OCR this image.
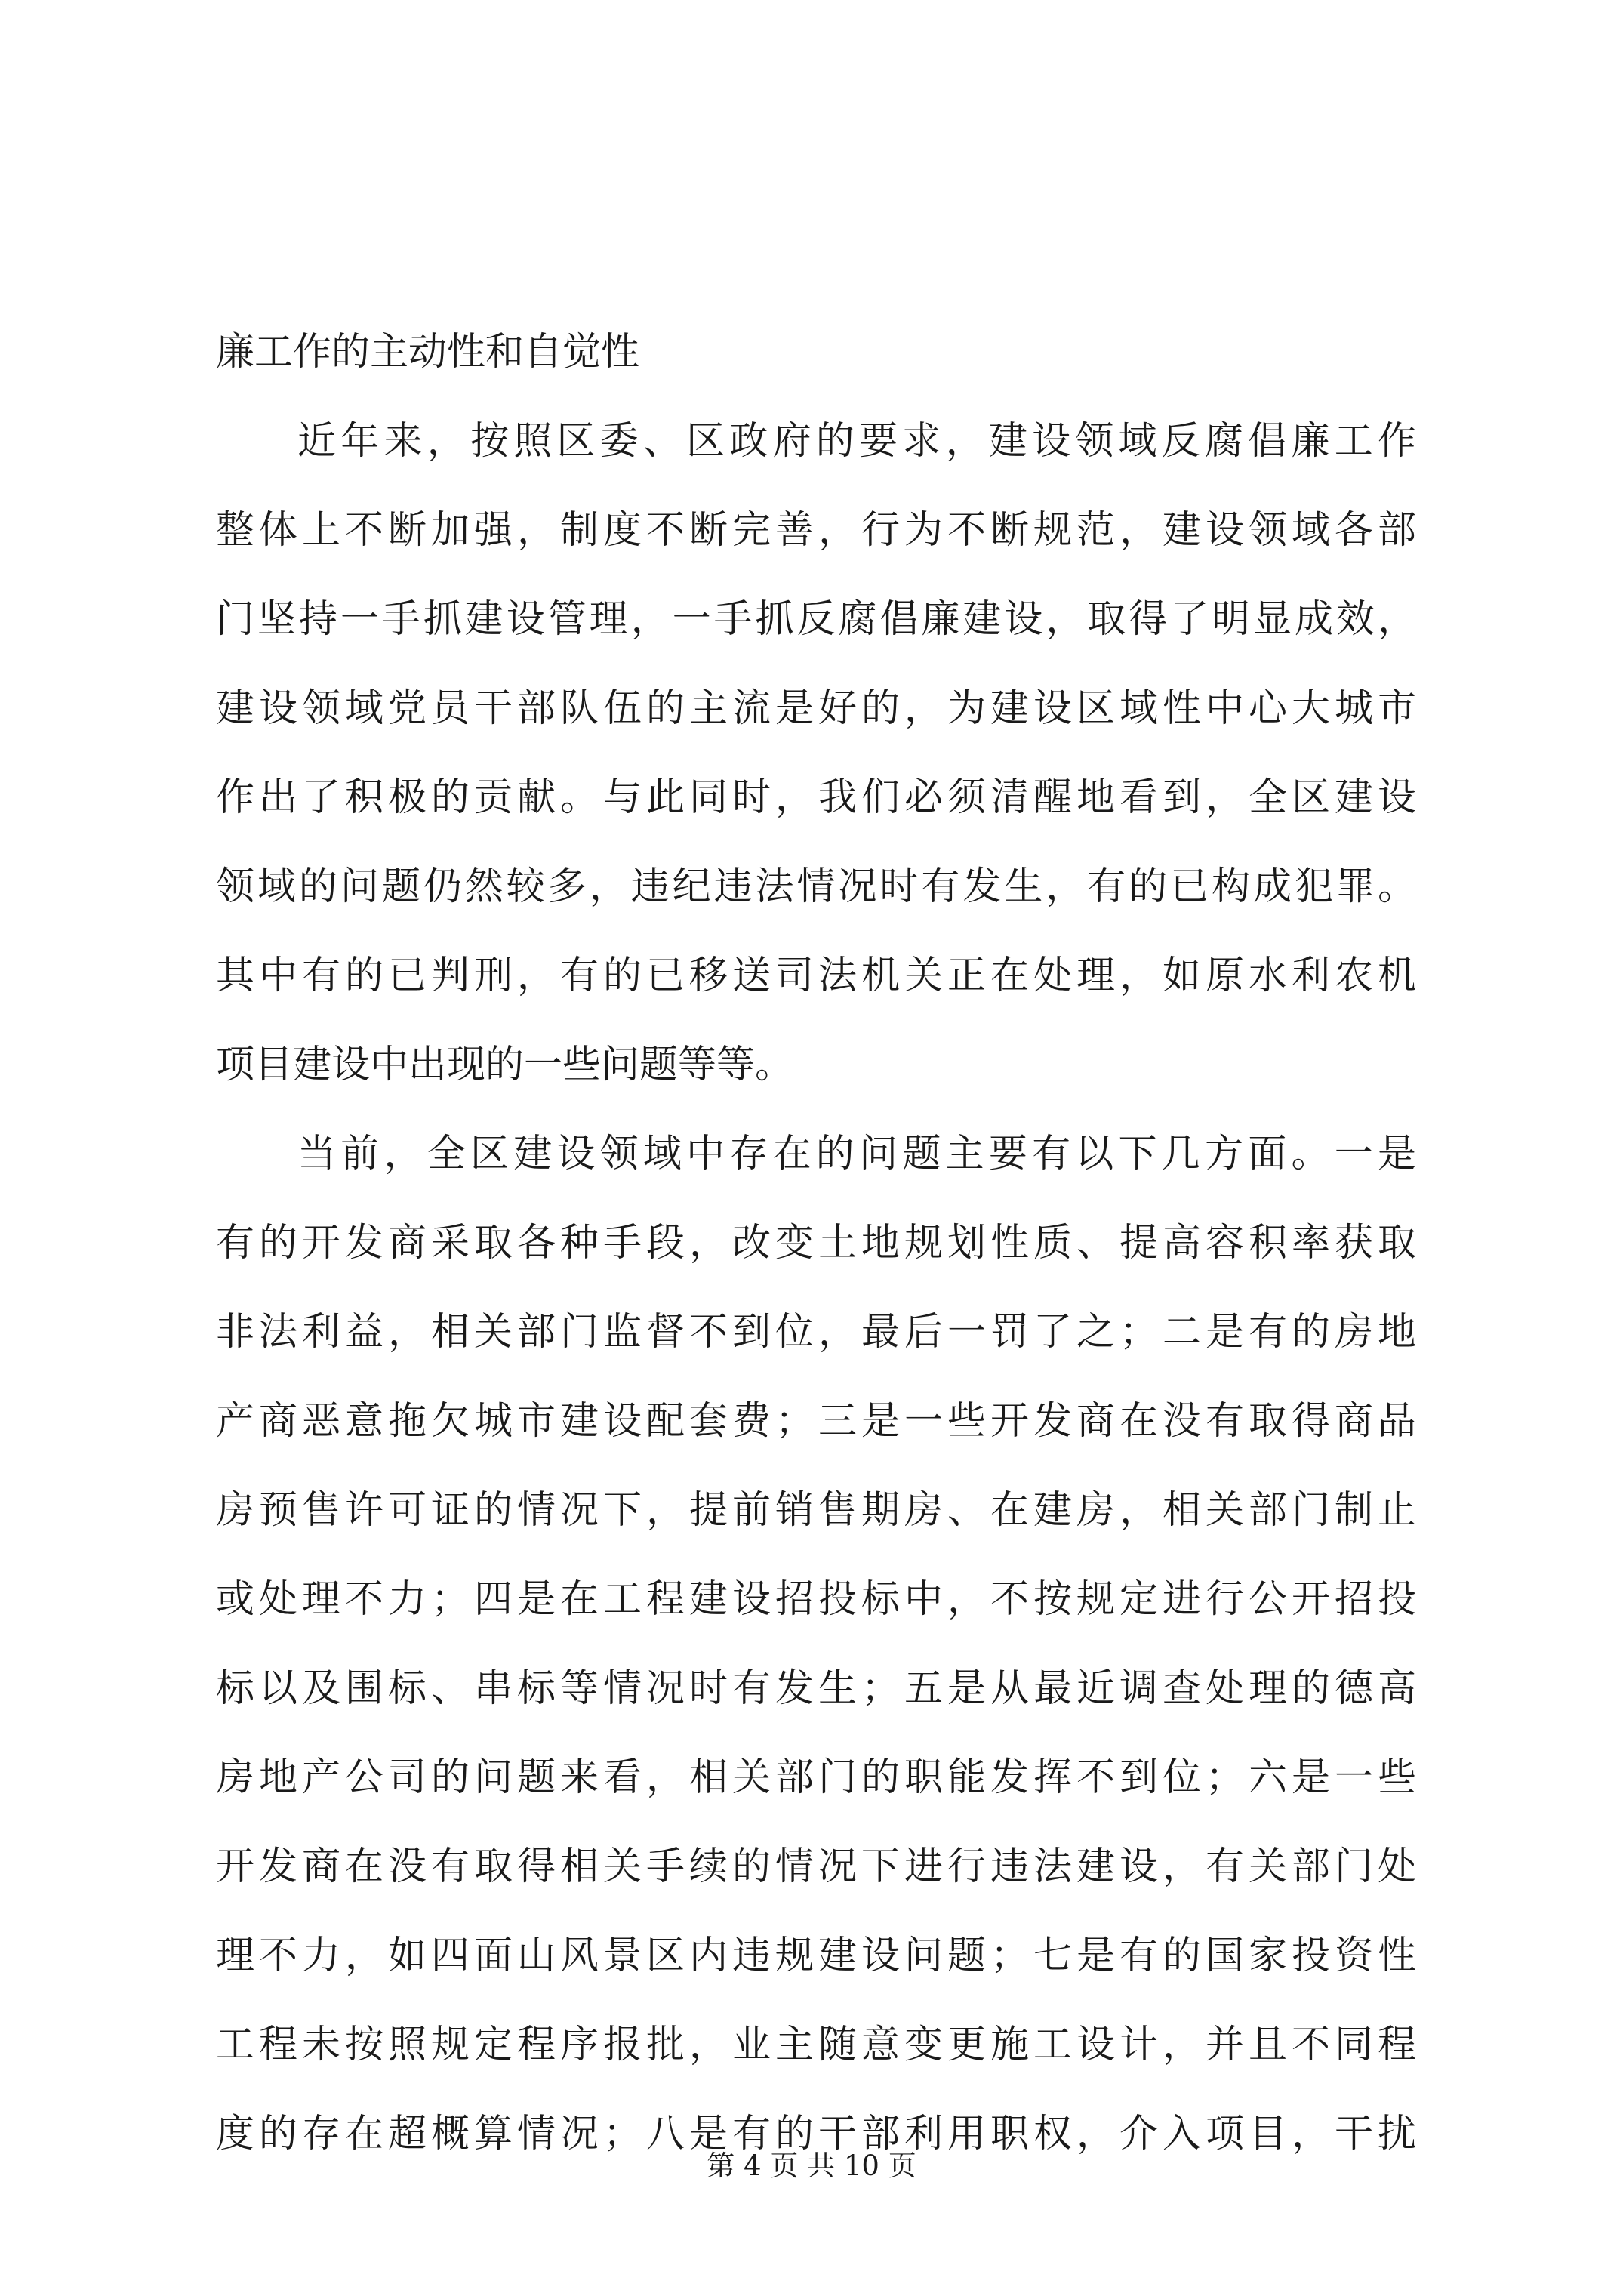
廉工作的主动性和自觉性
近年来，按照区委、区政府的要求，建设领域反腐倡廉工作
整体上不断加强，制度不断完善，行为不断规范，建设领域各部
门坚持一手抓建设管理，一手抓反腐倡廉建设，取得了明显成效，
建设领域党员干部队伍的主流是好的，为建设区域性中心大城市
作出了积极的贡献。与此同时，我们必须清醒地看到，全区建设
领域的问题仍然较多，违纪违法情况时有发生，有的已构成犯罪。
其中有的已判刑，有的已移送司法机关正在处理，如原水利农机
项目建设中出现的一些问题等等。
当前，全区建设领域中存在的问题主要有以下几方面。一是
有的开发商采取各种手段，改变土地规划性质、提高容积率获取
非法利益，相关部门监督不到位，最后一罚了之；二是有的房地
产商恶意拖欠城市建设配套费；三是一些开发商在没有取得商品
房预售许可证的情况下，提前销售期房、在建房，相关部门制止
或处理不力；四是在工程建设招投标中，不按规定进行公开招投
标以及围标、串标等情况时有发生；五是从最近调查处理的德高
房地产公司的问题来看，相关部门的职能发挥不到位；六是一些
开发商在没有取得相关手续的情况下进行违法建设，有关部门处
理不力，如四面山风景区内违规建设问题；七是有的国家投资性
工程未按照规定程序报批，业主随意变更施工设计，并且不同程
度的存在超概算情况；八是有的干部利用职权，介入项目，干扰
第 4 页 共 10 页
